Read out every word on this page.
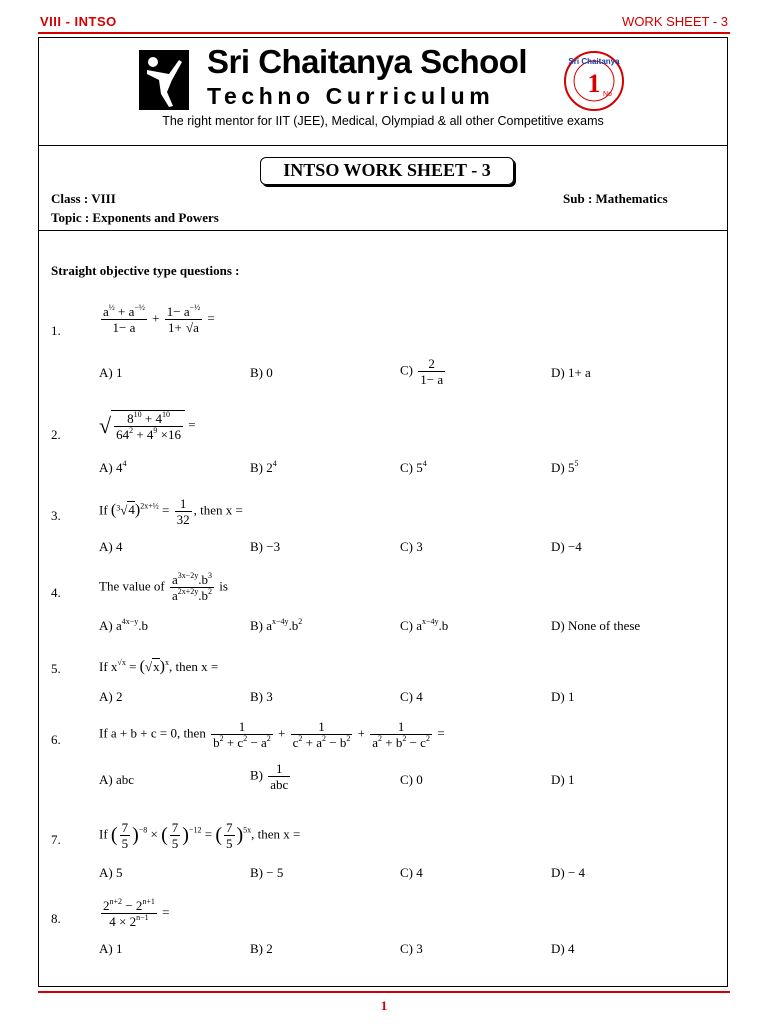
VIII - INTSO	WORK SHEET - 3
Sri Chaitanya School
Techno Curriculum
Sri Chaitanya
1 No
The right mentor for IIT (JEE), Medical, Olympiad & all other Competitive exams
INTSO WORK SHEET - 3
Class : VIII
Topic : Exponents and Powers
Sub : Mathematics
Straight objective type questions :
1.	$\frac{a^{\frac{1}{2}} + a^{-\frac{1}{2}}}{1- a} + \frac{1- a^{-\frac{1}{2}}}{1+ √a}$ =
A) 1	B) 0	$C) \frac{2}{1- a}$	D) 1+ a
2. √ $\frac{8^{10} + 4^{10}}{64^2 + 4^9 \times 16}$ =
A) $4^4$	B) $2^4$	C) $5^4$	D) $5^5$
3.	If $(^3√4)^{2x+\frac{1}{2}} = \frac{1}{32}$ , then x =
A) 4	B) −3	C) 3	D) −4
4.	The value of $\frac{a^{3x-2y}.b^3}{a^{2x+2y}.b^2}$ is
A) $a^{4x-y}.b$	B) $a^{x-4y}.b^2$	C) $a^{x-4y}.b$	D) None of these
5.	If $x^{√x} = (√x)^x$, then x =
A) 2	B) 3	C) 4	D) 1
6.	If a + b + c = 0, then $\frac{1}{b^2 + c^2 - a^2} + \frac{1}{c^2 + a^2 - b^2} + \frac{1}{a^2 + b^2 - c^2}$ =
A) abc	$B) \frac{1}{\text{abc}}$	C) 0	D) 1
7.	If ( $\frac{7}{5} )^{-8}$ × ( $\frac{7}{5} )^{-12}$ = ( $\frac{7}{5} )^{5x}$, then x =
A) 5	B) − 5	C) 4	D) − 4
8.	$\frac{2^{n+2} - 2^{n+1}}{4 \times 2^{n-1}}$ =
A) 1	B) 2	C) 3	D) 4
1
